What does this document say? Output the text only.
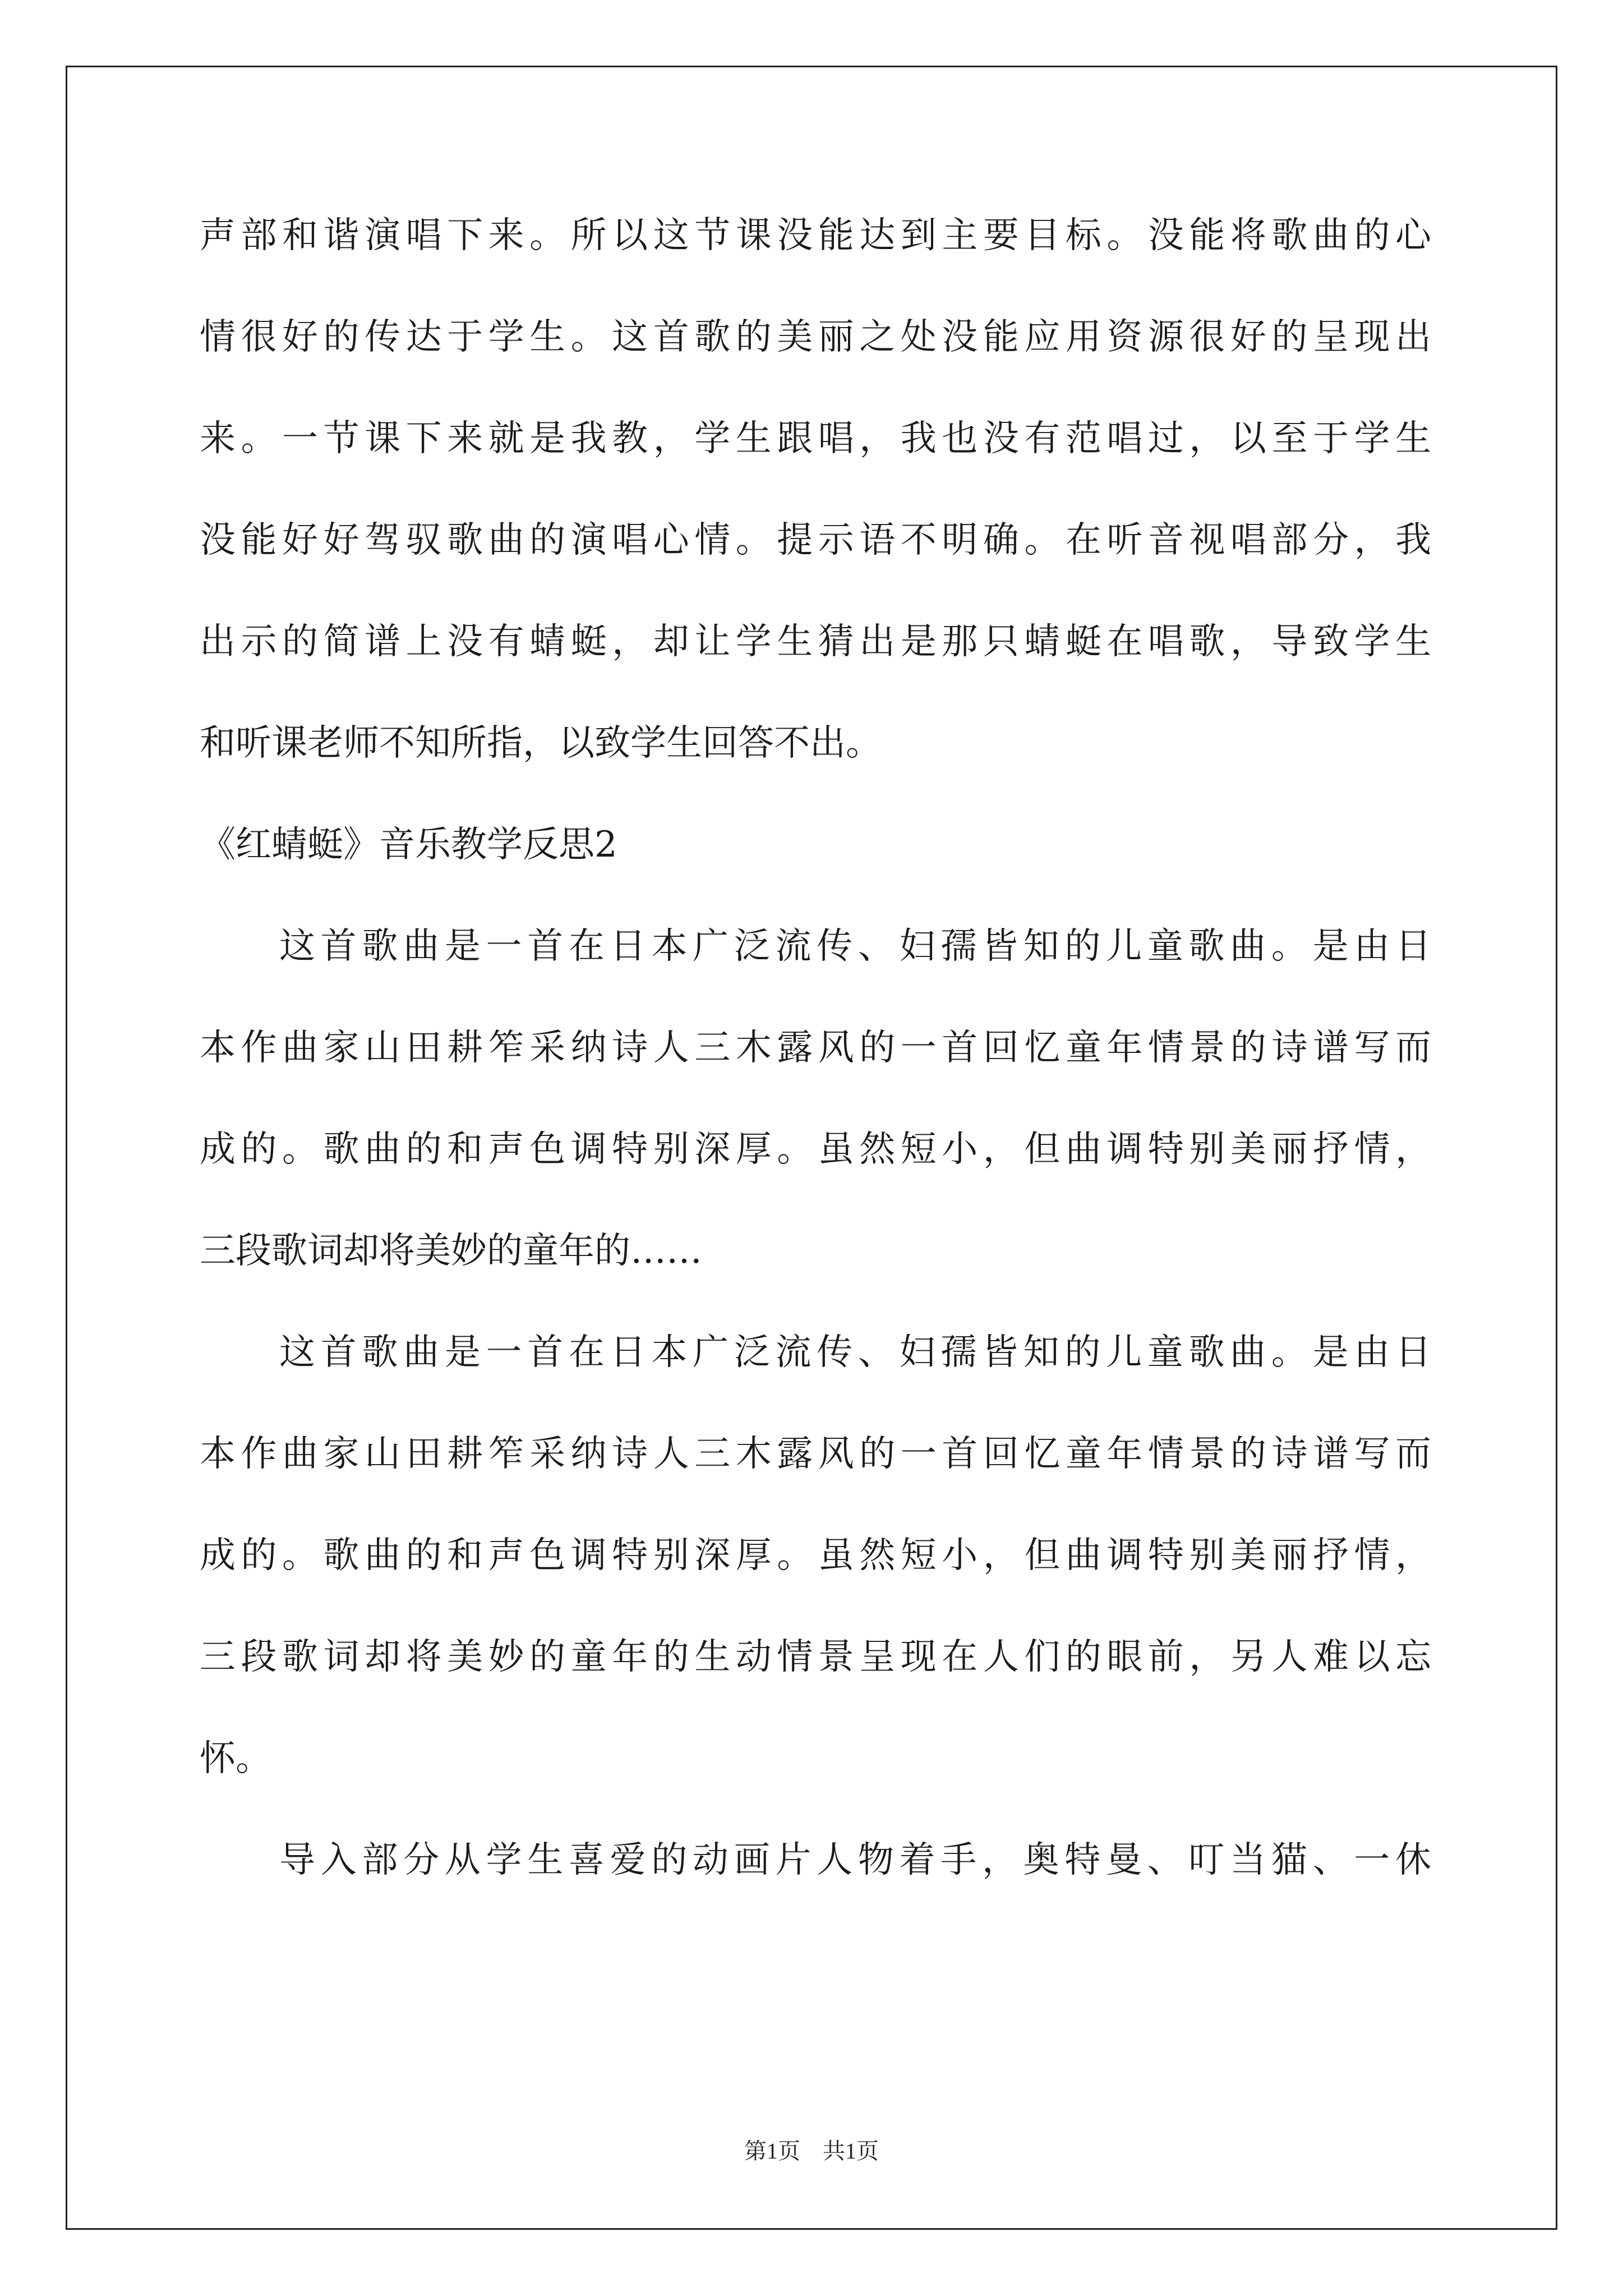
声部和谐演唱下来。所以这节课没能达到主要目标。没能将歌曲的心
情很好的传达于学生。这首歌的美丽之处没能应用资源很好的呈现出
来。一节课下来就是我教，学生跟唱，我也没有范唱过，以至于学生
没能好好驾驭歌曲的演唱心情。提示语不明确。在听音视唱部分，我
出示的简谱上没有蜻蜓，却让学生猜出是那只蜻蜓在唱歌，导致学生
和听课老师不知所指，以致学生回答不出。
《红蜻蜓》音乐教学反思2
这首歌曲是一首在日本广泛流传、妇孺皆知的儿童歌曲。是由日
本作曲家山田耕笮采纳诗人三木露风的一首回忆童年情景的诗谱写而
成的。歌曲的和声色调特别深厚。虽然短小，但曲调特别美丽抒情，
三段歌词却将美妙的童年的……
这首歌曲是一首在日本广泛流传、妇孺皆知的儿童歌曲。是由日
本作曲家山田耕笮采纳诗人三木露风的一首回忆童年情景的诗谱写而
成的。歌曲的和声色调特别深厚。虽然短小，但曲调特别美丽抒情，
三段歌词却将美妙的童年的生动情景呈现在人们的眼前，另人难以忘
怀。
导入部分从学生喜爱的动画片人物着手，奥特曼、叮当猫、一休
第1页　共1页
